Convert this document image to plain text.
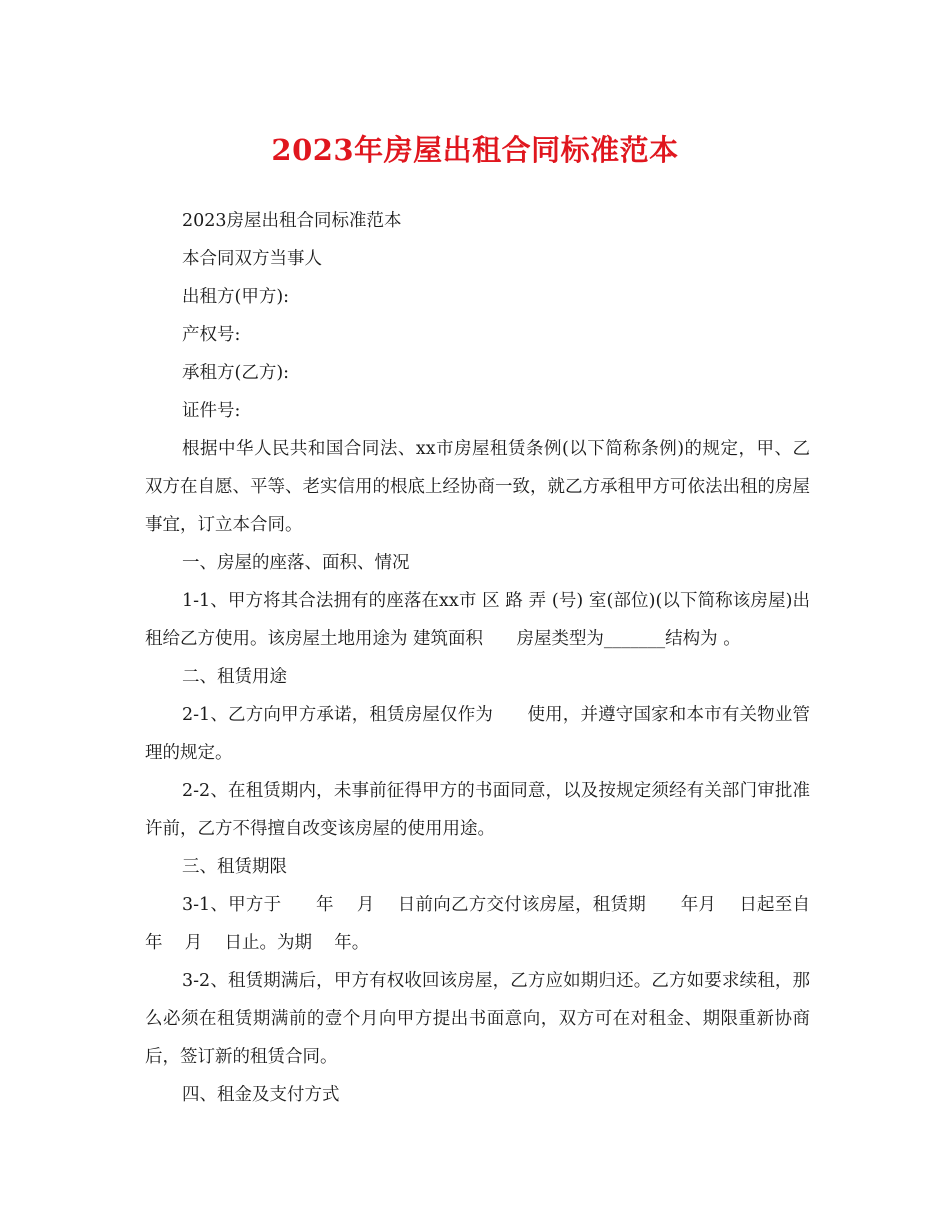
2023年房屋出租合同标准范本

2023房屋出租合同标准范本

本合同双方当事人

出租方(甲方):

产权号:

承租方(乙方):

证件号:

根据中华人民共和国合同法、xx市房屋租赁条例(以下简称条例)的规定，甲、乙双方在自愿、平等、老实信用的根底上经协商一致，就乙方承租甲方可依法出租的房屋事宜，订立本合同。

一、房屋的座落、面积、情况

1-1、甲方将其合法拥有的座落在xx市 区 路 弄 (号) 室(部位)(以下简称该房屋)出租给乙方使用。该房屋土地用途为 建筑面积      房屋类型为_______结构为 。

二、租赁用途

2-1、乙方向甲方承诺，租赁房屋仅作为      使用，并遵守国家和本市有关物业管理的规定。

2-2、在租赁期内，未事前征得甲方的书面同意，以及按规定须经有关部门审批准许前，乙方不得擅自改变该房屋的使用用途。

三、租赁期限

3-1、甲方于      年    月    日前向乙方交付该房屋，租赁期      年月    日起至自      年    月    日止。为期    年。

3-2、租赁期满后，甲方有权收回该房屋，乙方应如期归还。乙方如要求续租，那么必须在租赁期满前的壹个月向甲方提出书面意向，双方可在对租金、期限重新协商后，签订新的租赁合同。

四、租金及支付方式
